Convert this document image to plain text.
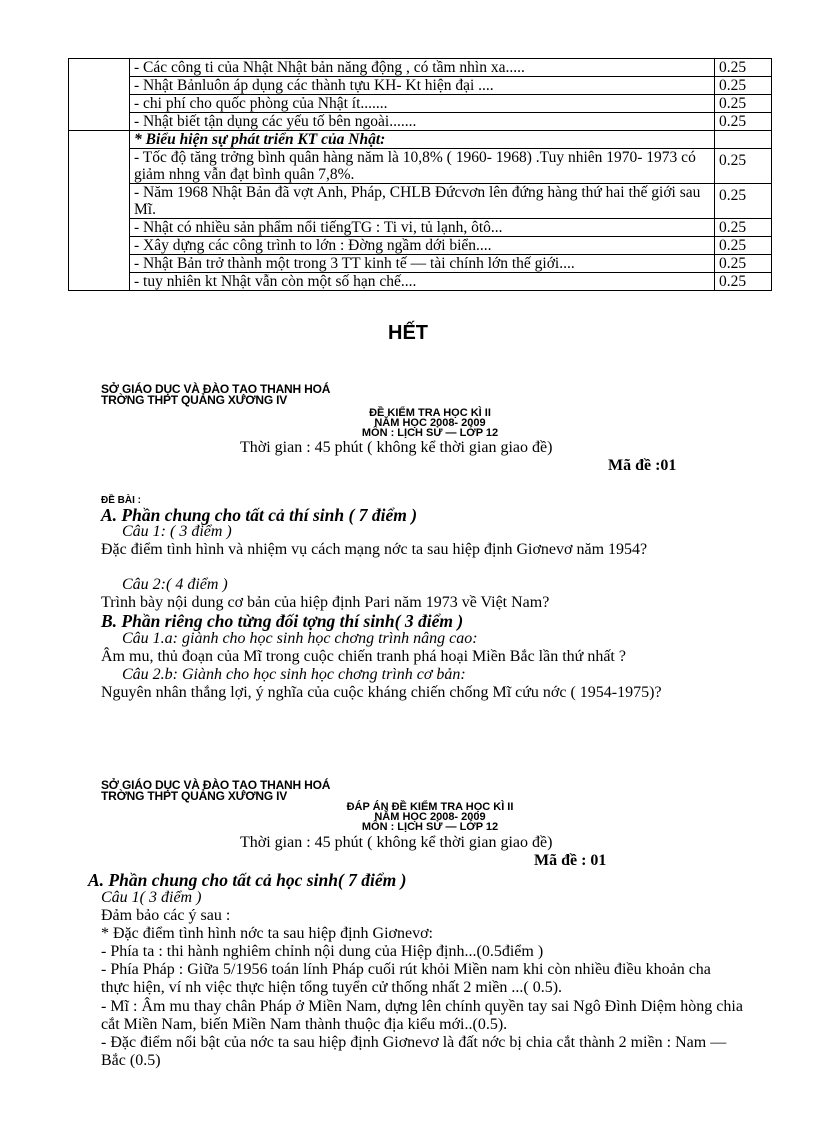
	- Các công ti của Nhật Nhật bản năng động , có tầm nhìn xa.....	0.25
	- Nhật Bảnluôn áp dụng các thành tựu KH- Kt hiện đại ....	0.25
	- chi phí cho quốc phòng của Nhật ít.......	0.25
	- Nhật biết tận dụng các yếu tố bên ngoài.......	0.25
	* Biểu hiện sự phát triển KT của Nhật:	
	- Tốc độ tăng trởng bình quân hàng năm là 10,8% ( 1960- 1968) .Tuy nhiên 1970- 1973 có giảm nhng vẫn đạt bình quân 7,8%.	0.25
	- Năm 1968 Nhật Bản đã vợt Anh, Pháp, CHLB Đứcvơn lên đứng hàng thứ hai thế giới sau Mĩ.	0.25
	- Nhật có nhiều sản phẩm nổi tiếngTG : Ti vi, tủ lạnh, ôtô...	0.25
	- Xây dựng các công trình to lớn : Đờng ngầm dới biển....	0.25
	- Nhật Bản trở thành một trong 3 TT kinh tế — tài chính lớn thế giới....	0.25
	- tuy nhiên kt Nhật vẫn còn một số hạn chế....	0.25
HẾT
SỞ GIÁO DỤC VÀ ĐÀO TẠO THANH HOÁ
TRỜNG THPT QUẢNG XƯƠNG IV
ĐỀ KIỂM TRA HỌC KÌ II
NĂM HỌC 2008- 2009
MÔN : LỊCH SỬ — LỚP 12
Thời gian : 45 phút ( không kể thời gian giao đề)
Mã đề :01
ĐỀ BÀI :
A. Phần chung cho tất cả thí sinh ( 7 điểm )
Câu 1: ( 3 điểm )
Đặc điểm tình hình và nhiệm vụ cách mạng nớc ta sau hiệp định Giơnevơ năm 1954?
Câu 2:( 4 điểm )
Trình bày nội dung cơ bản của hiệp định Pari năm 1973 về Việt Nam?
B. Phần riêng cho từng đối tợng thí sinh( 3 điểm )
Câu 1.a: giành cho học sinh học chơng trình nâng cao:
Âm mu, thủ đoạn của Mĩ trong cuộc chiến tranh phá hoại Miền Bắc lần thứ nhất ?
Câu 2.b: Giành cho học sinh học chơng trình cơ bản:
Nguyên nhân thắng lợi, ý nghĩa của cuộc kháng chiến chống Mĩ cứu nớc ( 1954-1975)?
SỞ GIÁO DỤC VÀ ĐÀO TẠO THANH HOÁ
TRỜNG THPT QUẢNG XƯƠNG IV
ĐÁP ÁN ĐỀ KIỂM TRA HỌC KÌ II
NĂM HỌC 2008- 2009
MÔN : LỊCH SỬ — LỚP 12
Thời gian : 45 phút ( không kể thời gian giao đề)
Mã đề : 01
A. Phần chung cho tất cả học sinh( 7 điểm )
Câu 1( 3 điểm )
Đảm bảo các ý sau :
* Đặc điểm tình hình nớc ta sau hiệp định Giơnevơ:
- Phía ta : thi hành nghiêm chỉnh nội dung của Hiệp định...(0.5điểm )
- Phía Pháp : Giữa 5/1956 toán lính Pháp cuối rút khỏi Miền nam khi còn nhiều điều khoản cha thực hiện, ví nh việc thực hiện tổng tuyển cử thống nhất 2 miền ...( 0.5).
- Mĩ : Âm mu thay chân Pháp ở Miền Nam, dựng lên chính quyền tay sai Ngô Đình Diệm hòng chia cắt Miền Nam, biến Miền Nam thành thuộc địa kiểu mới..(0.5).
- Đặc điểm nổi bật của nớc ta sau hiệp định Giơnevơ là đất nớc bị chia cắt thành 2 miền : Nam — Bắc (0.5)
